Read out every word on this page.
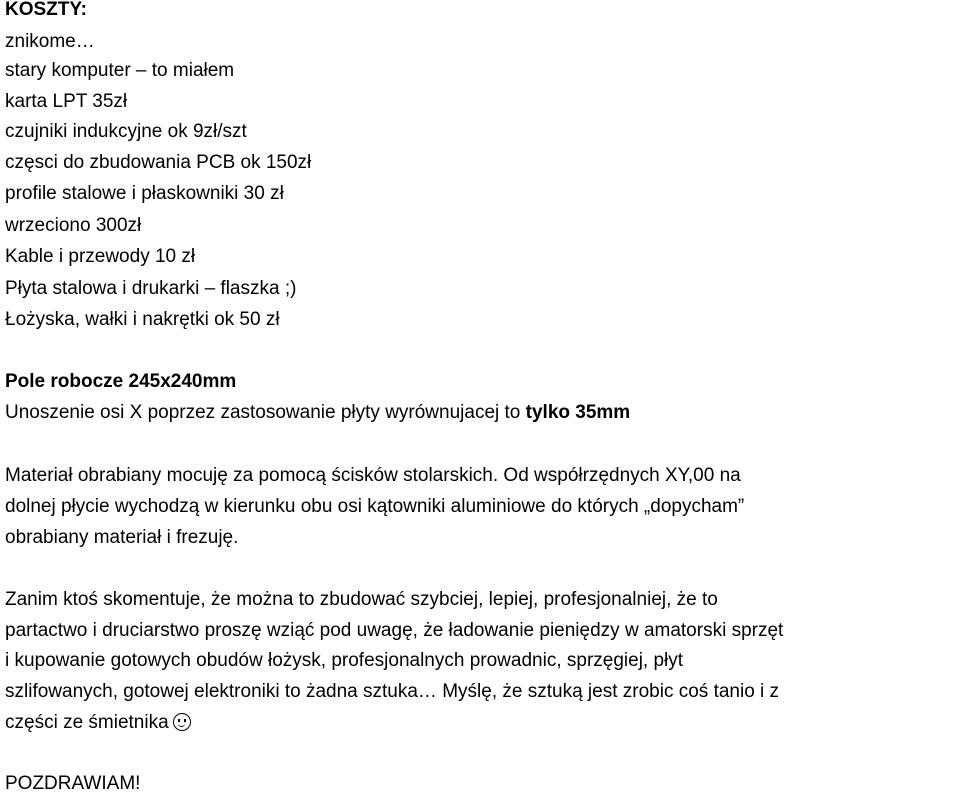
KOSZTY:

znikome…

stary komputer – to miałem

karta LPT 35zł

czujniki indukcyjne ok 9zł/szt

częsci do zbudowania PCB ok 150zł

profile stalowe i płaskowniki 30 zł

wrzeciono 300zł

Kable i przewody 10 zł

Płyta stalowa i drukarki – flaszka ;)

Łożyska, wałki i nakrętki ok 50 zł

Pole robocze 245x240mm

Unoszenie osi X poprzez zastosowanie płyty wyrównujacej to tylko 35mm

Materiał obrabiany mocuję za pomocą ścisków stolarskich. Od współrzędnych XY,00 na

dolnej płycie wychodzą w kierunku obu osi kątowniki aluminiowe do których „dopycham”

obrabiany materiał i frezuję.

Zanim ktoś skomentuje, że można to zbudować szybciej, lepiej, profesjonalniej, że to

partactwo i druciarstwo proszę wziąć pod uwagę, że ładowanie pieniędzy w amatorski sprzęt

i kupowanie gotowych obudów łożysk, profesjonalnych prowadnic, sprzęgiej, płyt

szlifowanych, gotowej elektroniki to żadna sztuka… Myślę, że sztuką jest zrobic coś tanio i z

części ze śmietnika

POZDRAWIAM!
